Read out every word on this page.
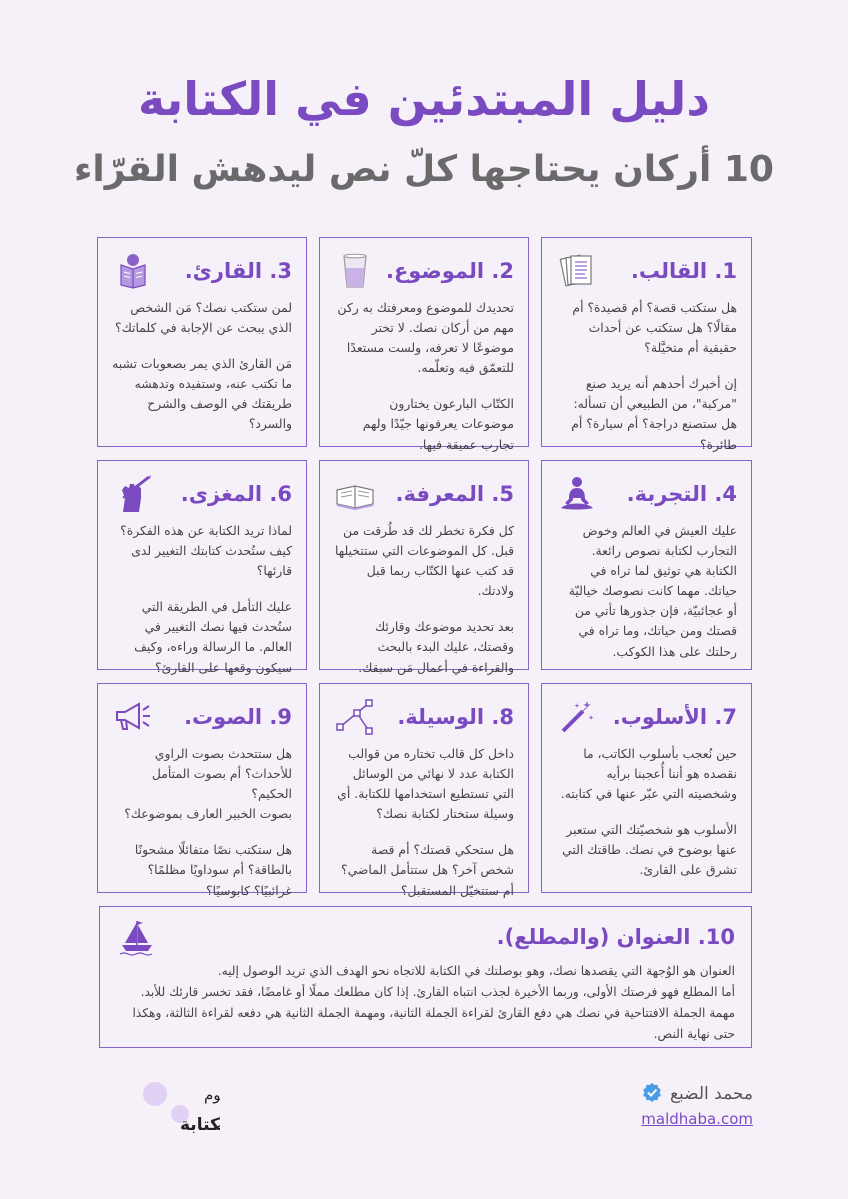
دليل المبتدئين في الكتابة
10 أركان يحتاجها كلّ نص ليدهش القرّاء
1. القالب.

هل ستكتب قصة؟ أم قصيدة؟ أم مقالًا؟ هل ستكتب عن أحداث حقيقية أم متخيَّلة؟

إن أخبرك أحدهم أنه يريد صنع "مركبة"، من الطبيعي أن تسأله: هل ستصنع دراجة؟ أم سيارة؟ أم طائرة؟

2. الموضوع.

تحديدك للموضوع ومعرفتك به ركن مهم من أركان نصك. لا تختر موضوعًا لا تعرفه، ولست مستعدًا للتعمّق فيه وتعلّمه.

الكتّاب البارعون يختارون موضوعات يعرفونها جيّدًا ولهم تجارب عميقة فيها.

3. القارئ.

لمن ستكتب نصك؟ مَن الشخص الذي يبحث عن الإجابة في كلماتك؟

مَن القارئ الذي يمر بصعوبات تشبه ما تكتب عنه، وستفيده وتدهشه طريقتك في الوصف والشرح والسرد؟

4. التجربة.

عليك العيش في العالم وخوض التجارب لكتابة نصوص رائعة. الكتابة هي توثيق لما تراه في حياتك. مهما كانت نصوصك خياليّة أو عجائبيّة، فإن جذورها تأتي من قصتك ومن حياتك، وما تراه في رحلتك على هذا الكوكب.

5. المعرفة.

كل فكرة تخطر لك قد طُرقت من قبل. كل الموضوعات التي ستتخيلها قد كتب عنها الكتّاب ربما قبل ولادتك.

بعد تحديد موضوعك وقارئك وقصتك، عليك البدء بالبحث والقراءة في أعمال مَن سبقك.

6. المغزى.

لماذا تريد الكتابة عن هذه الفكرة؟ كيف ستُحدث كتابتك التغيير لدى قارئها؟

عليك التأمل في الطريقة التي ستُحدث فيها نصك التغيير في العالم. ما الرسالة وراءه، وكيف سيكون وقعها على القارئ؟

7. الأسلوب.

حين نُعجب بأسلوب الكاتب، ما نقصده هو أننا أُعجبنا برأيه وشخصيته التي عبّر عنها في كتابته.

الأسلوب هو شخصيّتك التي ستعبر عنها بوضوح في نصك. طاقتك التي تشرق على القارئ.

8. الوسيلة.

داخل كل قالب تختاره من قوالب الكتابة عدد لا نهائي من الوسائل التي تستطيع استخدامها للكتابة. أي وسيلة ستختار لكتابة نصك؟

هل ستحكي قصتك؟ أم قصة شخص آخر؟ هل ستتأمل الماضي؟ أم ستتخيّل المستقبل؟

9. الصوت.

هل ستتحدث بصوت الراوي للأحداث؟ أم بصوت المتأمل الحكيم؟
بصوت الخبير العارف بموضوعك؟

هل ستكتب نصًا متفائلًا مشحونًا بالطاقة؟ أم سوداويًا مظلمًا؟ غرائبيًا؟ كابوسيًا؟

10. العنوان (والمطلع).

العنوان هو الوُجهة التي يقصدها نصك، وهو بوصلتك في الكتابة للاتجاه نحو الهدف الذي تريد الوصول إليه.
أما المطلع فهو فرصتك الأولى، وربما الأخيرة لجذب انتباه القارئ. إذا كان مطلعك مملًا أو غامضًا، فقد تخسر قارئك للأبد.
مهمة الجملة الافتتاحية في نصك هي دفع القارئ لقراءة الجملة الثانية، ومهمة الجملة الثانية هي دفعه لقراءة الثالثة، وهكذا حتى نهاية النص.

محمد الضبع
maldhaba.com
وم
ن
كتابة
